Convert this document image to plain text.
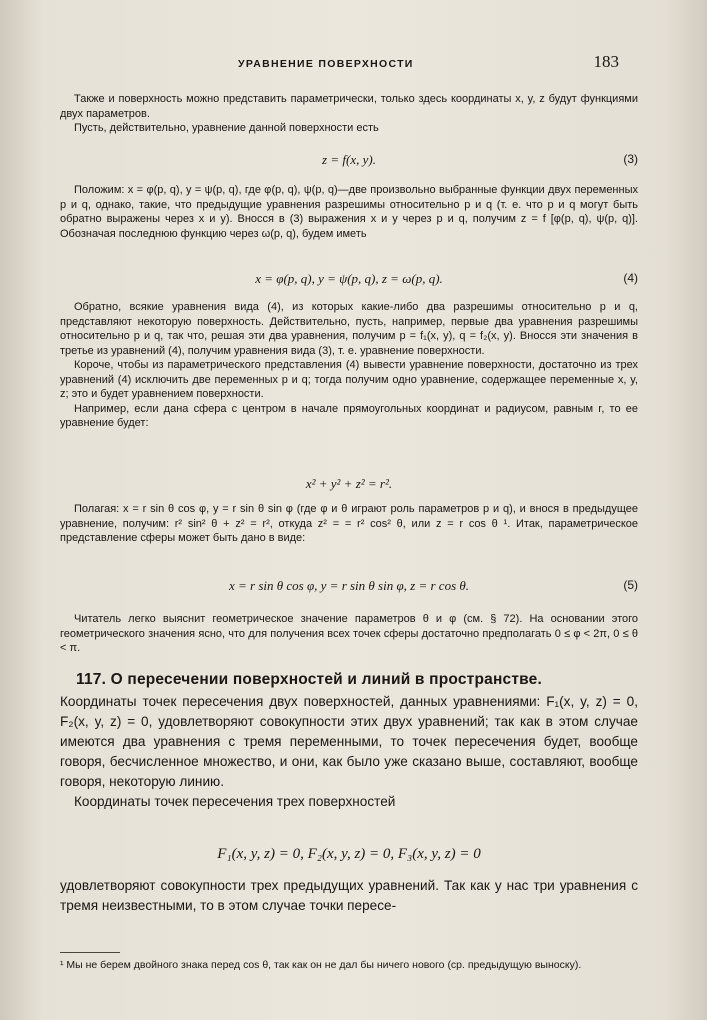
УРАВНЕНИЕ ПОВЕРХНОСТИ	183

Также и поверхность можно представить параметрически, только здесь координаты x, y, z будут функциями двух параметров.

Пусть, действительно, уравнение данной поверхности есть

z = f(x, y).	(3)

Положим: x = φ(p, q), y = ψ(p, q), где φ(p, q), ψ(p, q)—две произвольно выбранные функции двух переменных p и q, однако, такие, что предыдущие уравнения разрешимы относительно p и q (т. е. что p и q могут быть обратно выражены через x и y). Вносся в (3) выражения x и y через p и q, получим z = f [φ(p, q), ψ(p, q)]. Обозначая последнюю функцию через ω(p, q), будем иметь

x = φ(p, q), y = ψ(p, q), z = ω(p, q).	(4)

Обратно, всякие уравнения вида (4), из которых какие-либо два разрешимы относительно p и q, представляют некоторую поверхность. Действительно, пусть, например, первые два уравнения разрешимы относительно p и q, так что, решая эти два уравнения, получим p = f₁(x, y), q = f₂(x, y). Вносся эти значения в третье из уравнений (4), получим уравнения вида (3), т. е. уравнение поверхности.

Короче, чтобы из параметрического представления (4) вывести уравнение поверхности, достаточно из трех уравнений (4) исключить две переменных p и q; тогда получим одно уравнение, содержащее переменные x, y, z; это и будет уравнением поверхности.

Например, если дана сфера с центром в начале прямоугольных координат и радиусом, равным r, то ее уравнение будет:

x² + y² + z² = r².

Полагая: x = r sin θ cos φ, y = r sin θ sin φ (где φ и θ играют роль параметров p и q), и внося в предыдущее уравнение, получим: r² sin² θ + z² = r², откуда z² = = r² cos² θ, или z = r cos θ ¹. Итак, параметрическое представление сферы может быть дано в виде:

x = r sin θ cos φ, y = r sin θ sin φ, z = r cos θ.	(5)

Читатель легко выяснит геометрическое значение параметров θ и φ (см. § 72). На основании этого геометрического значения ясно, что для получения всех точек сферы достаточно предполагать 0 ≤ φ < 2π, 0 ≤ θ < π.

117. О пересечении поверхностей и линий в пространстве.

Координаты точек пересечения двух поверхностей, данных уравнениями: F₁(x, y, z) = 0, F₂(x, y, z) = 0, удовлетворяют совокупности этих двух уравнений; так как в этом случае имеются два уравнения с тремя переменными, то точек пересечения будет, вообще говоря, бесчисленное множество, и они, как было уже сказано выше, составляют, вообще говоря, некоторую линию.

Координаты точек пересечения трех поверхностей

F₁(x, y, z) = 0, F₂(x, y, z) = 0, F₃(x, y, z) = 0

удовлетворяют совокупности трех предыдущих уравнений. Так как у нас три уравнения с тремя неизвестными, то в этом случае точки пересе-

¹ Мы не берем двойного знака перед cos θ, так как он не дал бы ничего нового (ср. предыдущую выноску).
